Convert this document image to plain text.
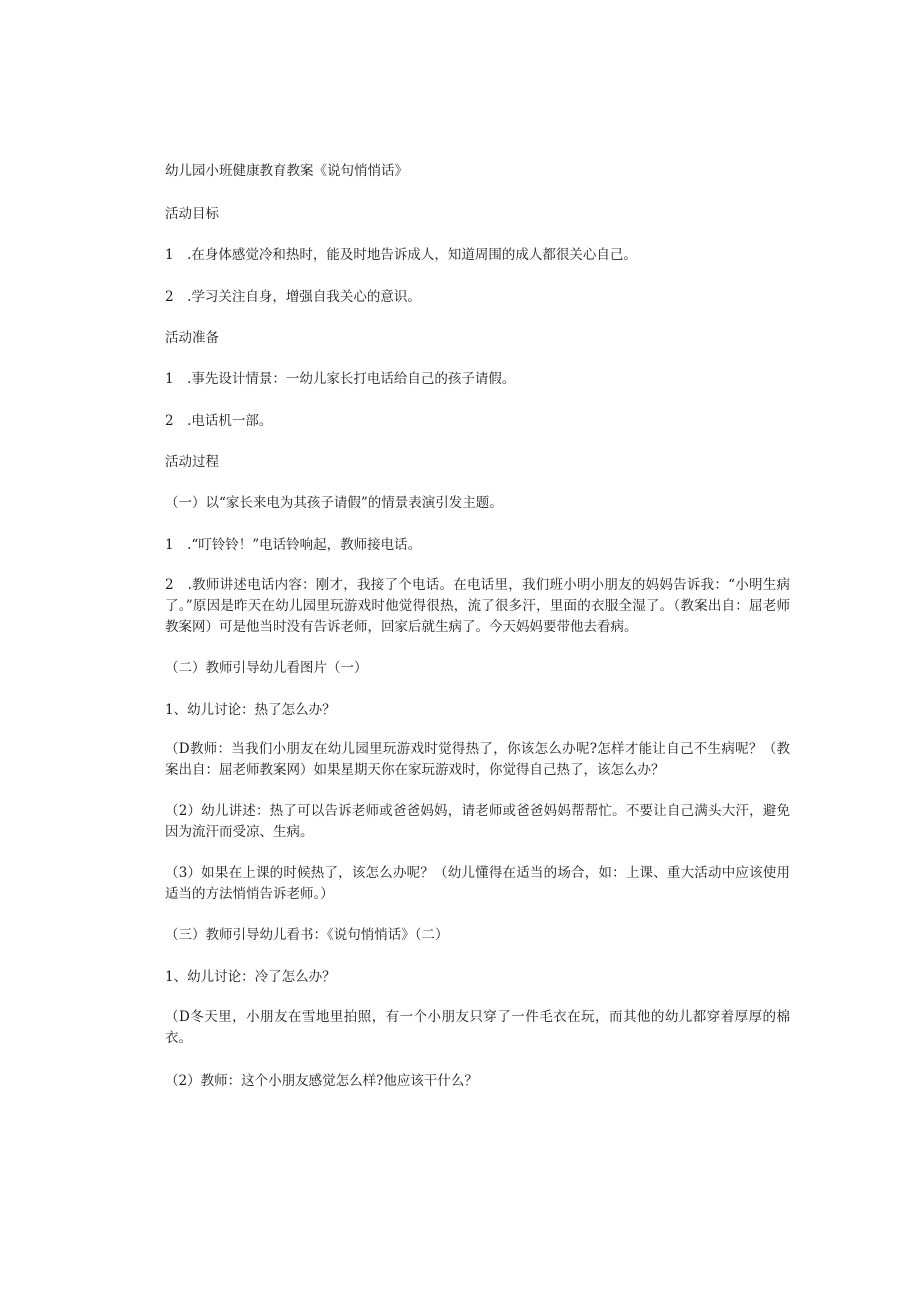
幼儿园小班健康教育教案《说句悄悄话》
活动目标
1　.在身体感觉冷和热时，能及时地告诉成人，知道周围的成人都很关心自己。
2　.学习关注自身，增强自我关心的意识。
活动准备
1　.事先设计情景：一幼儿家长打电话给自己的孩子请假。
2　.电话机一部。
活动过程
（一）以“家长来电为其孩子请假”的情景表演引发主题。
1　.“叮铃铃！”电话铃响起，教师接电话。
2　.教师讲述电话内容：刚才，我接了个电话。在电话里，我们班小明小朋友的妈妈告诉我：“小明生病了。”原因是昨天在幼儿园里玩游戏时他觉得很热，流了很多汗，里面的衣服全湿了。（教案出自：屈老师教案网）可是他当时没有告诉老师，回家后就生病了。今天妈妈要带他去看病。
（二）教师引导幼儿看图片（一）
1、幼儿讨论：热了怎么办？
（D教师：当我们小朋友在幼儿园里玩游戏时觉得热了，你该怎么办呢?怎样才能让自己不生病呢？（教案出自：屈老师教案网）如果星期天你在家玩游戏时，你觉得自己热了，该怎么办？
（2）幼儿讲述：热了可以告诉老师或爸爸妈妈，请老师或爸爸妈妈帮帮忙。不要让自己满头大汗，避免因为流汗而受凉、生病。
（3）如果在上课的时候热了，该怎么办呢？（幼儿懂得在适当的场合，如：上课、重大活动中应该使用适当的方法悄悄告诉老师。）
（三）教师引导幼儿看书：《说句悄悄话》（二）
1、幼儿讨论：冷了怎么办？
（D冬天里，小朋友在雪地里拍照，有一个小朋友只穿了一件毛衣在玩，而其他的幼儿都穿着厚厚的棉衣。
（2）教师：这个小朋友感觉怎么样?他应该干什么？
